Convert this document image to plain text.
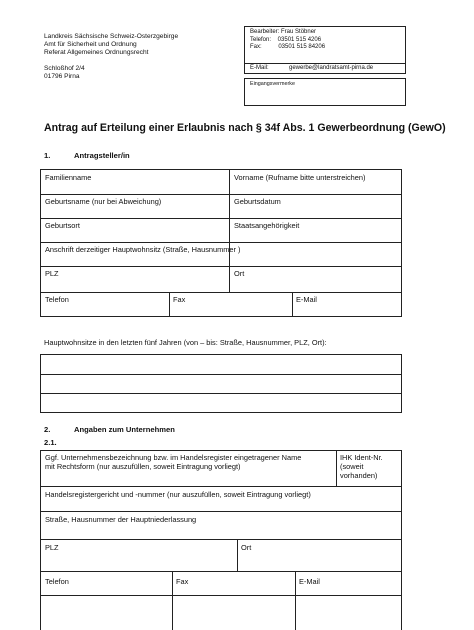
Landkreis Sächsische Schweiz-Osterzgebirge
Amt für Sicherheit und Ordnung
Referat Allgemeines Ordnungsrecht
Schloßhof 2/4
01796 Pirna
Bearbeiter: Frau Stöbner
Telefon:    03501 515 4206
Fax:          03501 515 84206
E-Mail:	gewerbe@landratsamt-pirna.de
Eingangsvermerke
Antrag auf Erteilung einer Erlaubnis nach § 34f Abs. 1 Gewerbeordnung (GewO)
1.	Antragsteller/in
Familienname	Vorname (Rufname bitte unterstreichen)
Geburtsname (nur bei Abweichung)	Geburtsdatum
Geburtsort	Staatsangehörigkeit
Anschrift derzeitiger Hauptwohnsitz (Straße, Hausnummer )
PLZ	Ort
Telefon	Fax	E-Mail
Hauptwohnsitze in den letzten fünf Jahren (von – bis: Straße, Hausnummer, PLZ, Ort):
2.	Angaben zum Unternehmen
2.1.
Ggf. Unternehmensbezeichnung bzw. im Handelsregister eingetragener Name
mit Rechtsform (nur auszufüllen, soweit Eintragung vorliegt)
IHK Ident-Nr.
(soweit vorhanden)
Handelsregistergericht und -nummer (nur auszufüllen, soweit Eintragung vorliegt)
Straße, Hausnummer der Hauptniederlassung
PLZ	Ort
Telefon	Fax	E-Mail
